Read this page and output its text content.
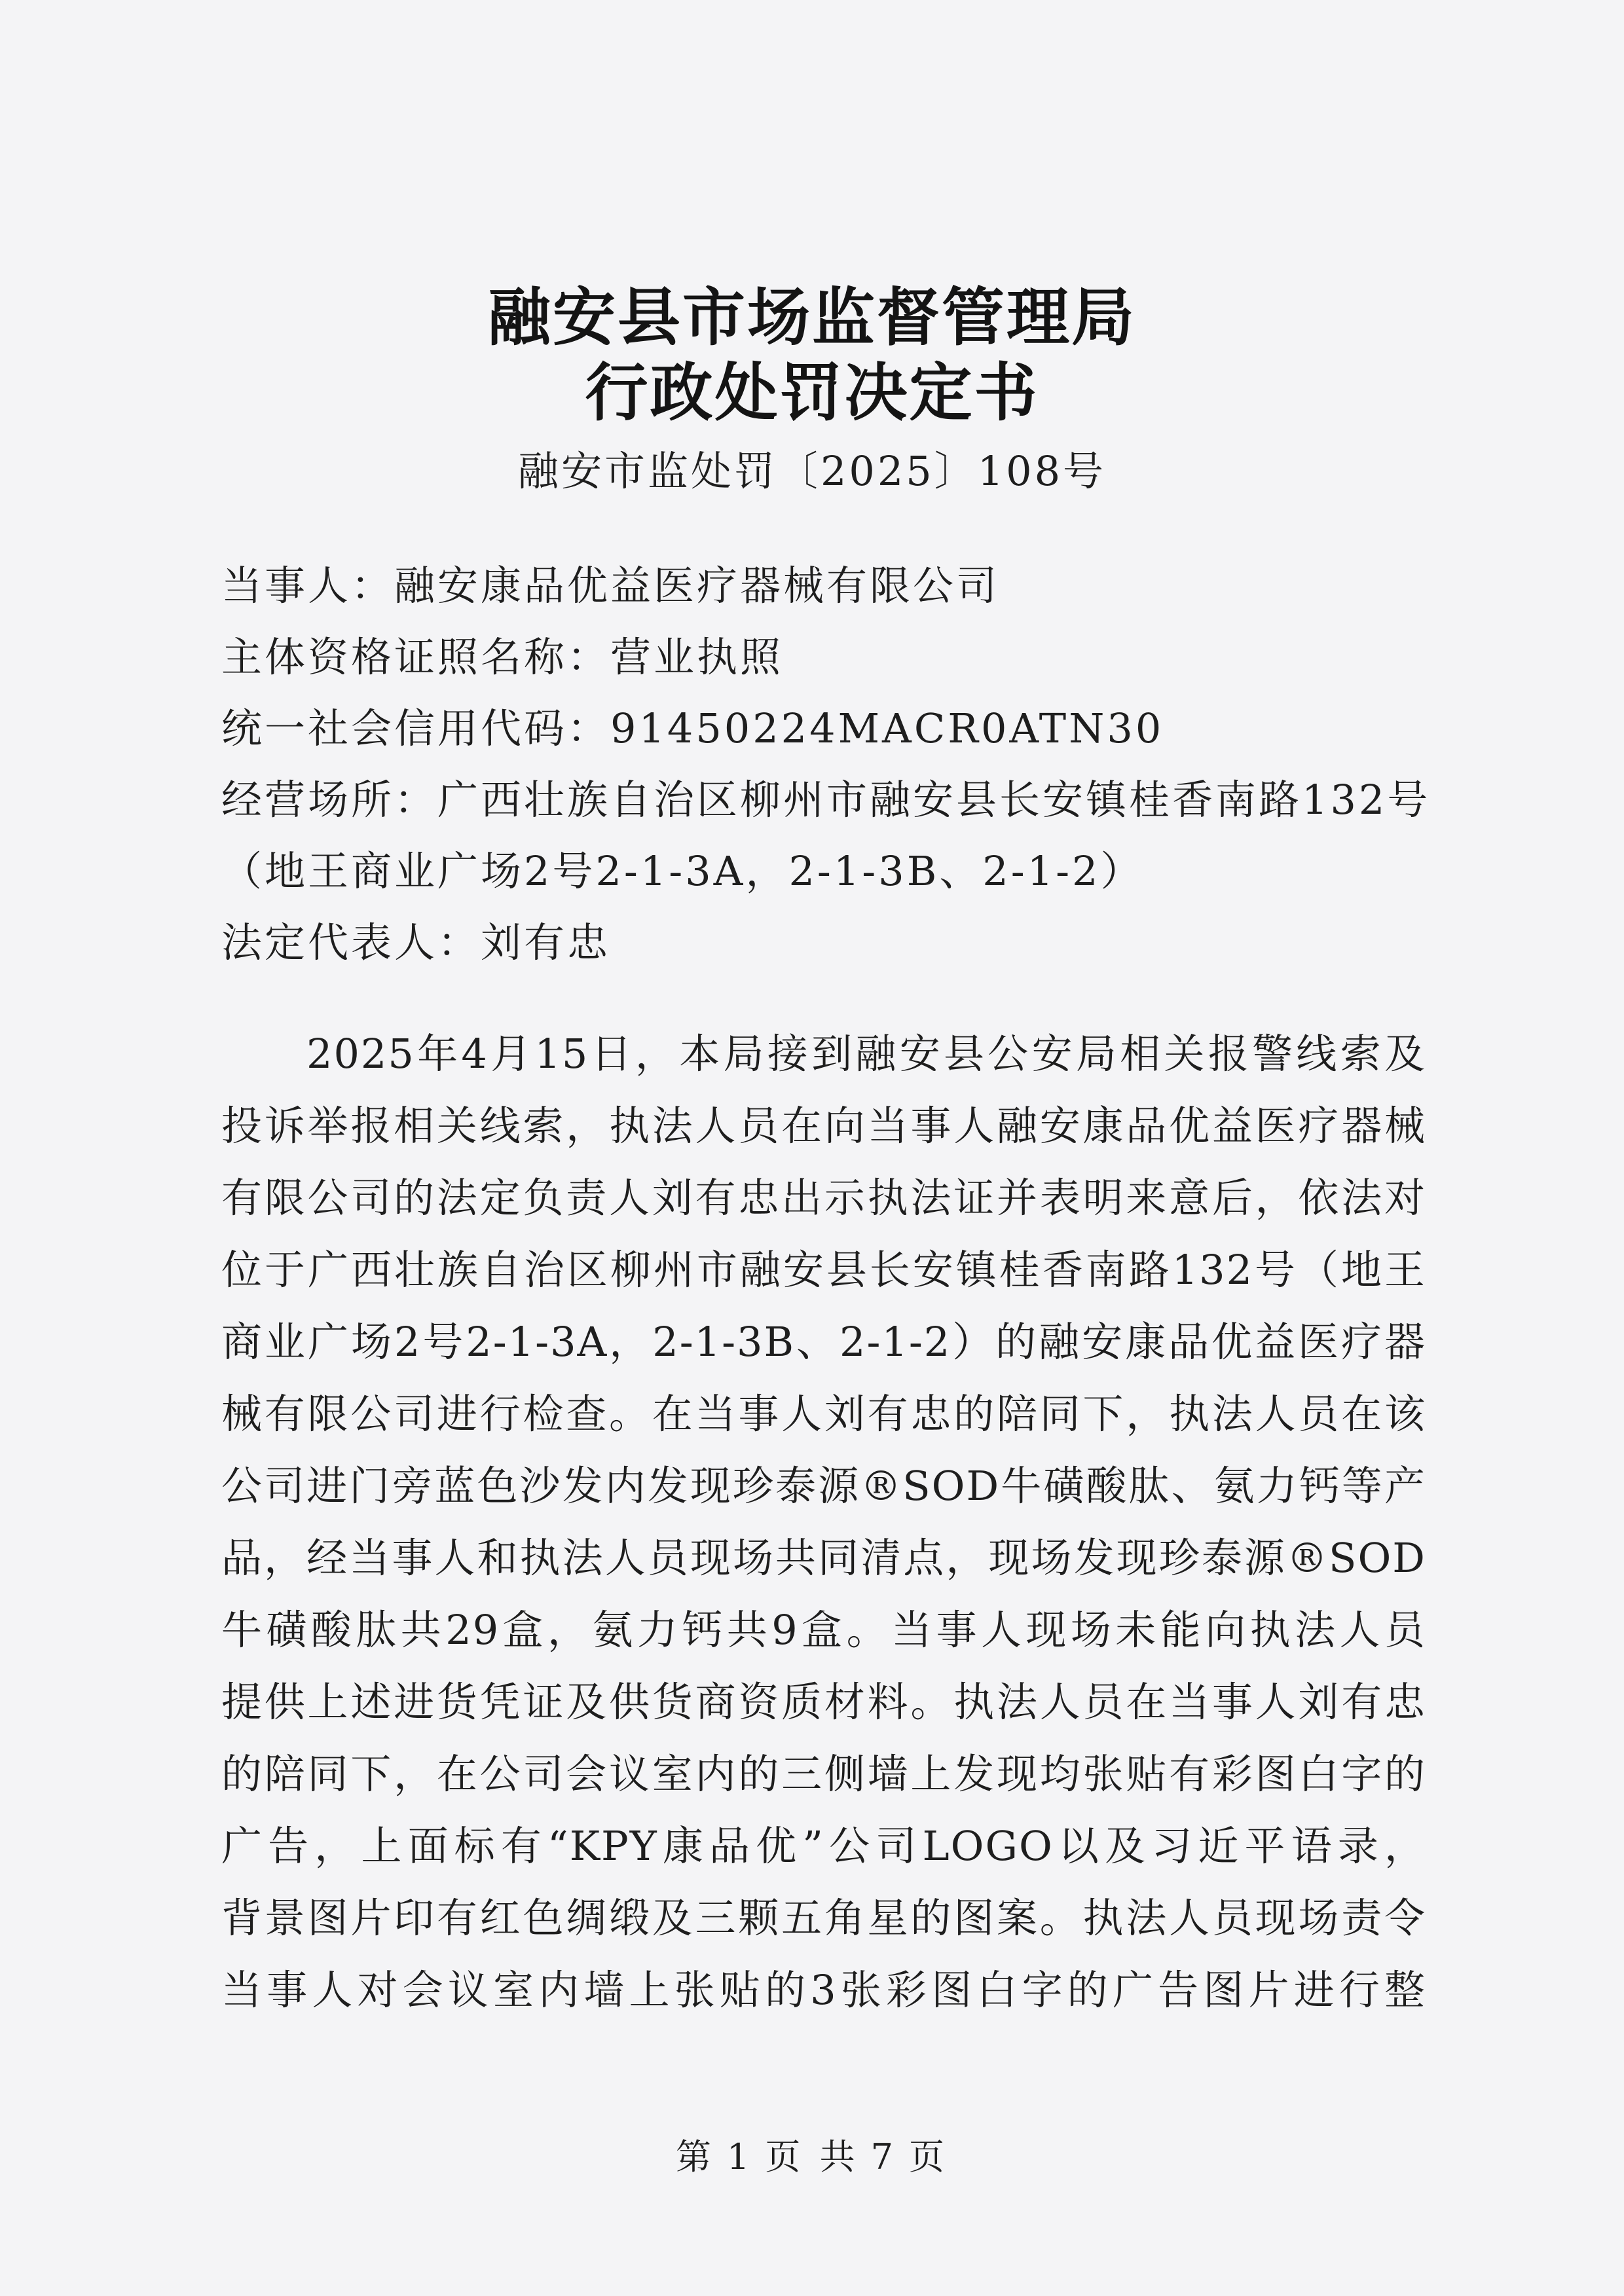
融安县市场监督管理局
行政处罚决定书
融安市监处罚〔2025〕108号
当事人：融安康品优益医疗器械有限公司
主体资格证照名称：营业执照
统一社会信用代码：91450224MACR0ATN30
经营场所：广西壮族自治区柳州市融安县长安镇桂香南路132号
（地王商业广场2号2-1-3A，2-1-3B、2-1-2）
法定代表人：刘有忠
2025年4月15日，本局接到融安县公安局相关报警线索及
投诉举报相关线索，执法人员在向当事人融安康品优益医疗器械
有限公司的法定负责人刘有忠出示执法证并表明来意后，依法对
位于广西壮族自治区柳州市融安县长安镇桂香南路132号（地王
商业广场2号2-1-3A，2-1-3B、2-1-2）的融安康品优益医疗器
械有限公司进行检查。在当事人刘有忠的陪同下，执法人员在该
公司进门旁蓝色沙发内发现珍泰源®SOD牛磺酸肽、氨力钙等产
品，经当事人和执法人员现场共同清点，现场发现珍泰源®SOD
牛磺酸肽共29盒，氨力钙共9盒。当事人现场未能向执法人员
提供上述进货凭证及供货商资质材料。执法人员在当事人刘有忠
的陪同下，在公司会议室内的三侧墙上发现均张贴有彩图白字的
广告，上面标有“KPY康品优”公司LOGO以及习近平语录，
背景图片印有红色绸缎及三颗五角星的图案。执法人员现场责令
当事人对会议室内墙上张贴的3张彩图白字的广告图片进行整
第 1 页 共 7 页
